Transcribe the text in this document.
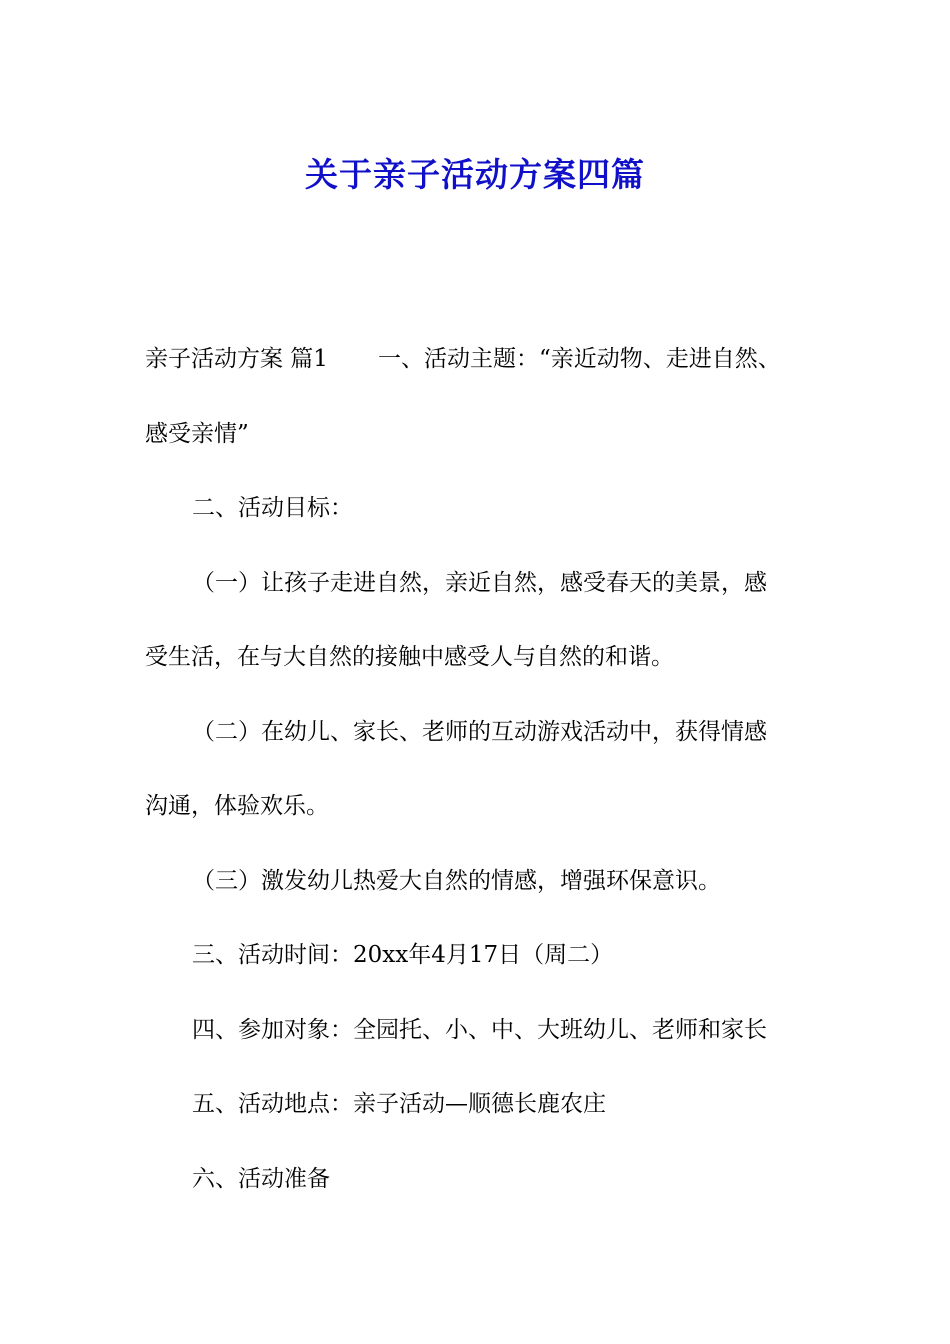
关于亲子活动方案四篇

亲子活动方案 篇1 一、活动主题：“亲近动物、走进自然、

感受亲情”

二、活动目标：

（一）让孩子走进自然，亲近自然，感受春天的美景，感

受生活，在与大自然的接触中感受人与自然的和谐。

（二）在幼儿、家长、老师的互动游戏活动中，获得情感

沟通，体验欢乐。

（三）激发幼儿热爱大自然的情感，增强环保意识。

三、活动时间：20xx年4月17日（周二）

四、参加对象：全园托、小、中、大班幼儿、老师和家长

五、活动地点：亲子活动—顺德长鹿农庄

六、活动准备
